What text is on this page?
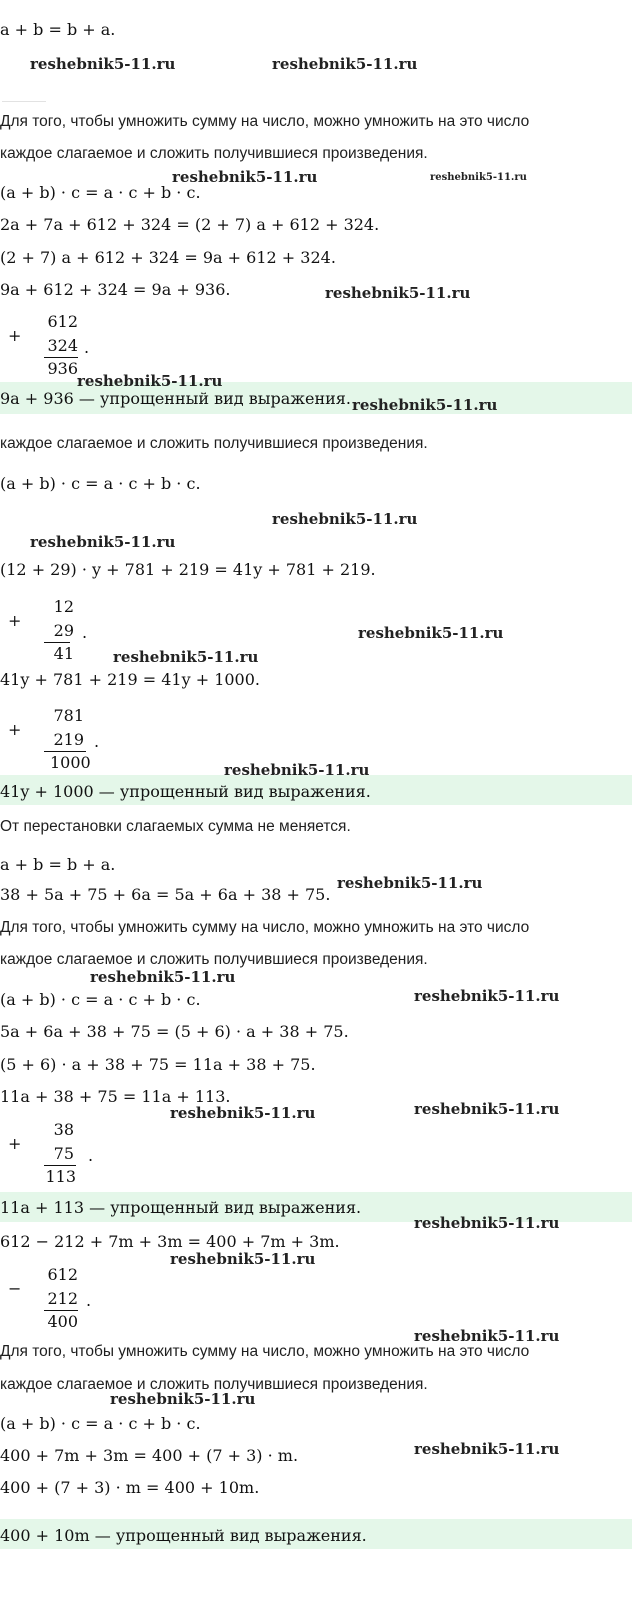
a + b = b + a.
Для того, чтобы умножить сумму на число, можно умножить на это число
каждое слагаемое и сложить получившиеся произведения.
(a + b) · c = a · c + b · c.
2a + 7a + 612 + 324 = (2 + 7) a + 612 + 324.
(2 + 7) a + 612 + 324 = 9a + 612 + 324.
9a + 612 + 324 = 9a + 936.
9a + 936 — упрощенный вид выражения.
каждое слагаемое и сложить получившиеся произведения.
(a + b) · c = a · c + b · c.
(12 + 29) · y + 781 + 219 = 41y + 781 + 219.
41y + 781 + 219 = 41y + 1000.
41y + 1000 — упрощенный вид выражения.
От перестановки слагаемых сумма не меняется.
a + b = b + a.
38 + 5a + 75 + 6a = 5a + 6a + 38 + 75.
Для того, чтобы умножить сумму на число, можно умножить на это число
каждое слагаемое и сложить получившиеся произведения.
(a + b) · c = a · c + b · c.
5a + 6a + 38 + 75 = (5 + 6) · a + 38 + 75.
(5 + 6) · a + 38 + 75 = 11a + 38 + 75.
11a + 38 + 75 = 11a + 113.
11a + 113 — упрощенный вид выражения.
612 − 212 + 7m + 3m = 400 + 7m + 3m.
Для того, чтобы умножить сумму на число, можно умножить на это число
каждое слагаемое и сложить получившиеся произведения.
(a + b) · c = a · c + b · c.
400 + 7m + 3m = 400 + (7 + 3) · m.
400 + (7 + 3) · m = 400 + 10m.
400 + 10m — упрощенный вид выражения.
+
612
324
936
.
+
12
29
41
.
+
781
219
1000
.
+
38
75
113
.
−
612
212
400
.
reshebnik5-11.ru	reshebnik5-11.ru
reshebnik5-11.ru	reshebnik5-11.ru
reshebnik5-11.ru
reshebnik5-11.ru
reshebnik5-11.ru
reshebnik5-11.ru
reshebnik5-11.ru
reshebnik5-11.ru
reshebnik5-11.ru
reshebnik5-11.ru
reshebnik5-11.ru
reshebnik5-11.ru
reshebnik5-11.ru
reshebnik5-11.ru	reshebnik5-11.ru
reshebnik5-11.ru
reshebnik5-11.ru
reshebnik5-11.ru
reshebnik5-11.ru
reshebnik5-11.ru
